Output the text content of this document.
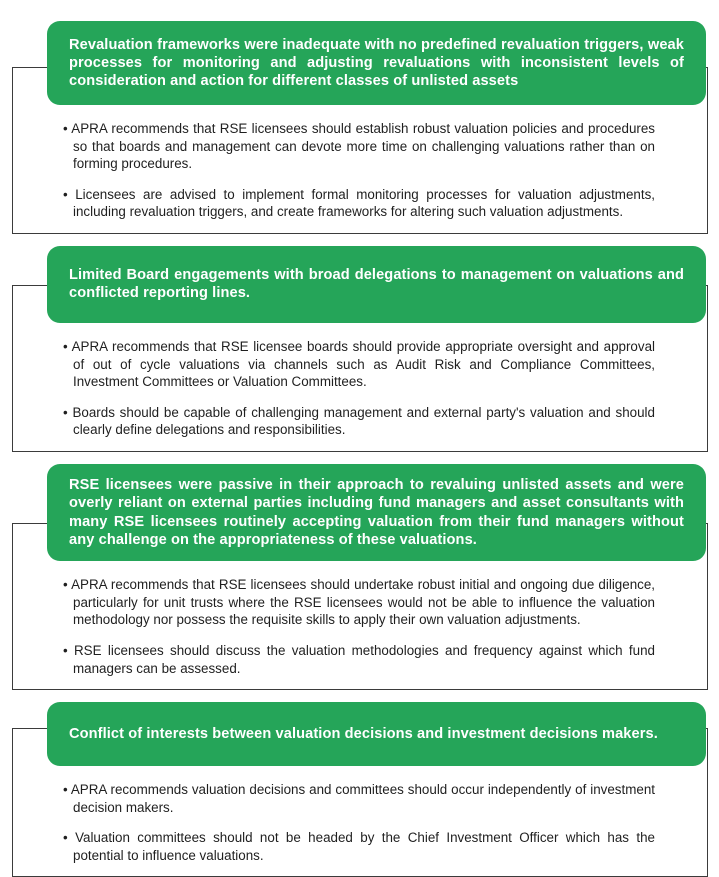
Revaluation frameworks were inadequate with no predefined revaluation triggers, weak processes for monitoring and adjusting revaluations with inconsistent levels of consideration and action for different classes of unlisted assets

• APRA recommends that RSE licensees should establish robust valuation policies and procedures so that boards and management can devote more time on challenging valuations rather than on forming procedures.
• Licensees are advised to implement formal monitoring processes for valuation adjustments, including revaluation triggers, and create frameworks for altering such valuation adjustments.

Limited Board engagements with broad delegations to management on valuations and conflicted reporting lines.

• APRA recommends that RSE licensee boards should provide appropriate oversight and approval of out of cycle valuations via channels such as Audit Risk and Compliance Committees, Investment Committees or Valuation Committees.
• Boards should be capable of challenging management and external party's valuation and should clearly define delegations and responsibilities.

RSE licensees were passive in their approach to revaluing unlisted assets and were overly reliant on external parties including fund managers and asset consultants with many RSE licensees routinely accepting valuation from their fund managers without any challenge on the appropriateness of these valuations.

• APRA recommends that RSE licensees should undertake robust initial and ongoing due diligence, particularly for unit trusts where the RSE licensees would not be able to influence the valuation methodology nor possess the requisite skills to apply their own valuation adjustments.
• RSE licensees should discuss the valuation methodologies and frequency against which fund managers can be assessed.

Conflict of interests between valuation decisions and investment decisions makers.

• APRA recommends valuation decisions and committees should occur independently of investment decision makers.
• Valuation committees should not be headed by the Chief Investment Officer which has the potential to influence valuations.
